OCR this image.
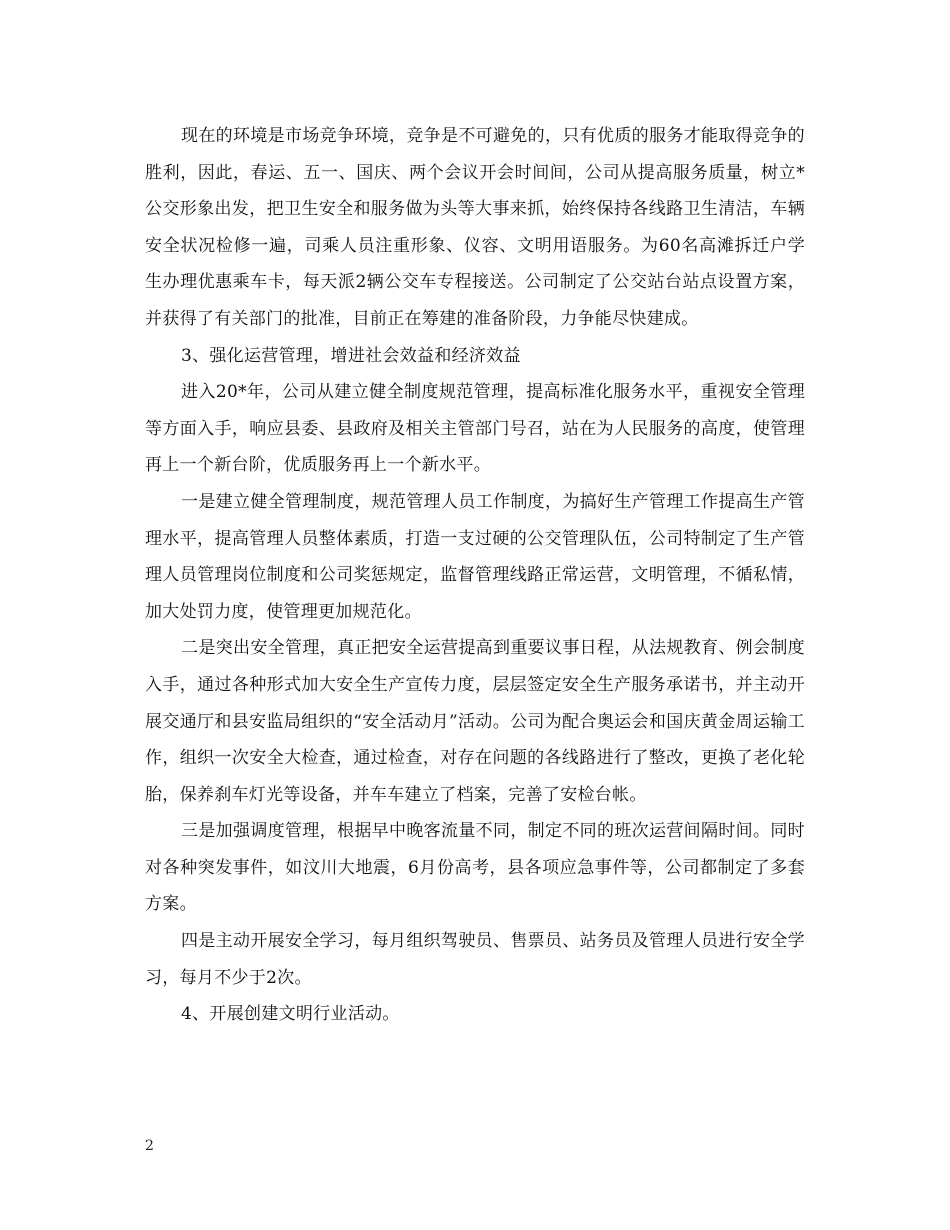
现在的环境是市场竞争环境，竞争是不可避免的，只有优质的服务才能取得竞争的胜利，因此，春运、五一、国庆、两个会议开会时间间，公司从提高服务质量，树立*公交形象出发，把卫生安全和服务做为头等大事来抓，始终保持各线路卫生清洁，车辆安全状况检修一遍，司乘人员注重形象、仪容、文明用语服务。为60名高滩拆迁户学生办理优惠乘车卡，每天派2辆公交车专程接送。公司制定了公交站台站点设置方案，并获得了有关部门的批准，目前正在筹建的准备阶段，力争能尽快建成。

3、强化运营管理，增进社会效益和经济效益

进入20*年，公司从建立健全制度规范管理，提高标准化服务水平，重视安全管理等方面入手，响应县委、县政府及相关主管部门号召，站在为人民服务的高度，使管理再上一个新台阶，优质服务再上一个新水平。

一是建立健全管理制度，规范管理人员工作制度，为搞好生产管理工作提高生产管理水平，提高管理人员整体素质，打造一支过硬的公交管理队伍，公司特制定了生产管理人员管理岗位制度和公司奖惩规定，监督管理线路正常运营，文明管理，不循私情，加大处罚力度，使管理更加规范化。

二是突出安全管理，真正把安全运营提高到重要议事日程，从法规教育、例会制度入手，通过各种形式加大安全生产宣传力度，层层签定安全生产服务承诺书，并主动开展交通厅和县安监局组织的“安全活动月”活动。公司为配合奥运会和国庆黄金周运输工作，组织一次安全大检查，通过检查，对存在问题的各线路进行了整改，更换了老化轮胎，保养刹车灯光等设备，并车车建立了档案，完善了安检台帐。

三是加强调度管理，根据早中晚客流量不同，制定不同的班次运营间隔时间。同时对各种突发事件，如汶川大地震，6月份高考，县各项应急事件等，公司都制定了多套方案。

四是主动开展安全学习，每月组织驾驶员、售票员、站务员及管理人员进行安全学习，每月不少于2次。

4、开展创建文明行业活动。

2
